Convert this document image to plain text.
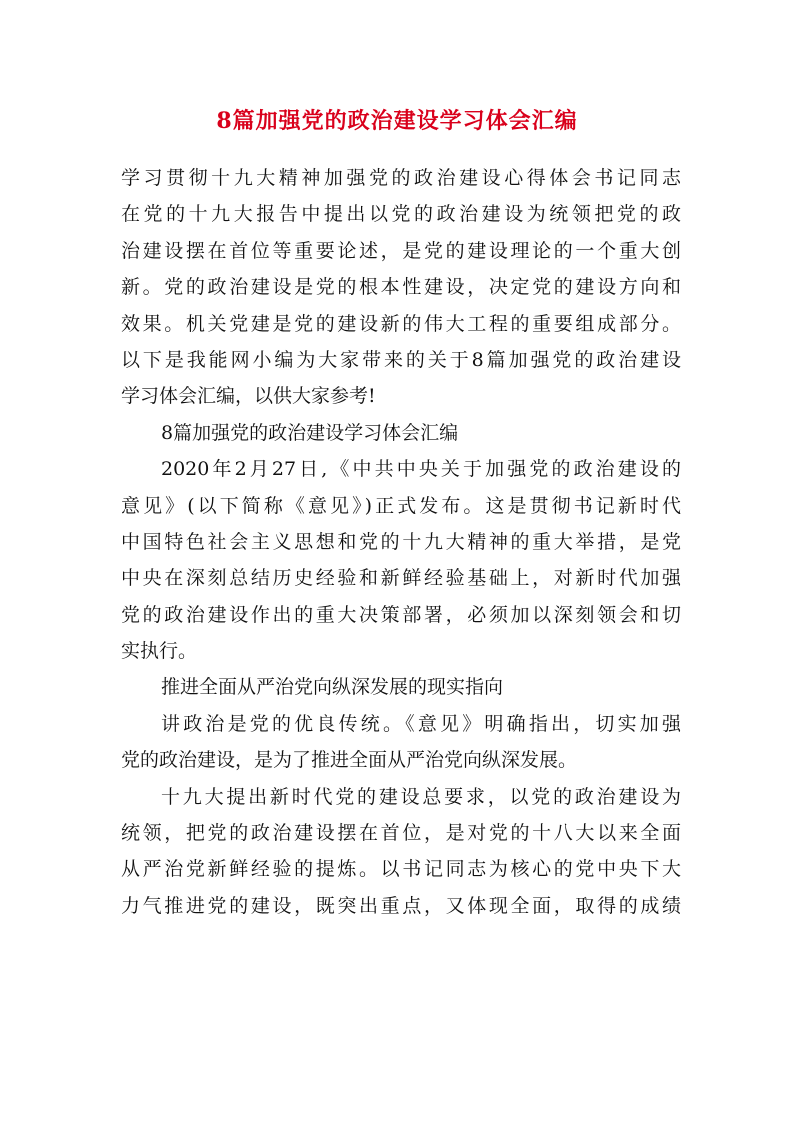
8篇加强党的政治建设学习体会汇编
学习贯彻十九大精神加强党的政治建设心得体会书记同志
在党的十九大报告中提出以党的政治建设为统领把党的政
治建设摆在首位等重要论述，是党的建设理论的一个重大创
新。党的政治建设是党的根本性建设，决定党的建设方向和
效果。机关党建是党的建设新的伟大工程的重要组成部分。
以下是我能网小编为大家带来的关于8篇加强党的政治建设
学习体会汇编，以供大家参考!
8篇加强党的政治建设学习体会汇编
2020年2月27日,《中共中央关于加强党的政治建设的
意见》(以下简称《意见》)正式发布。这是贯彻书记新时代
中国特色社会主义思想和党的十九大精神的重大举措，是党
中央在深刻总结历史经验和新鲜经验基础上，对新时代加强
党的政治建设作出的重大决策部署，必须加以深刻领会和切
实执行。
推进全面从严治党向纵深发展的现实指向
讲政治是党的优良传统。《意见》明确指出，切实加强
党的政治建设，是为了推进全面从严治党向纵深发展。
十九大提出新时代党的建设总要求，以党的政治建设为
统领，把党的政治建设摆在首位，是对党的十八大以来全面
从严治党新鲜经验的提炼。以书记同志为核心的党中央下大
力气推进党的建设，既突出重点，又体现全面，取得的成绩
